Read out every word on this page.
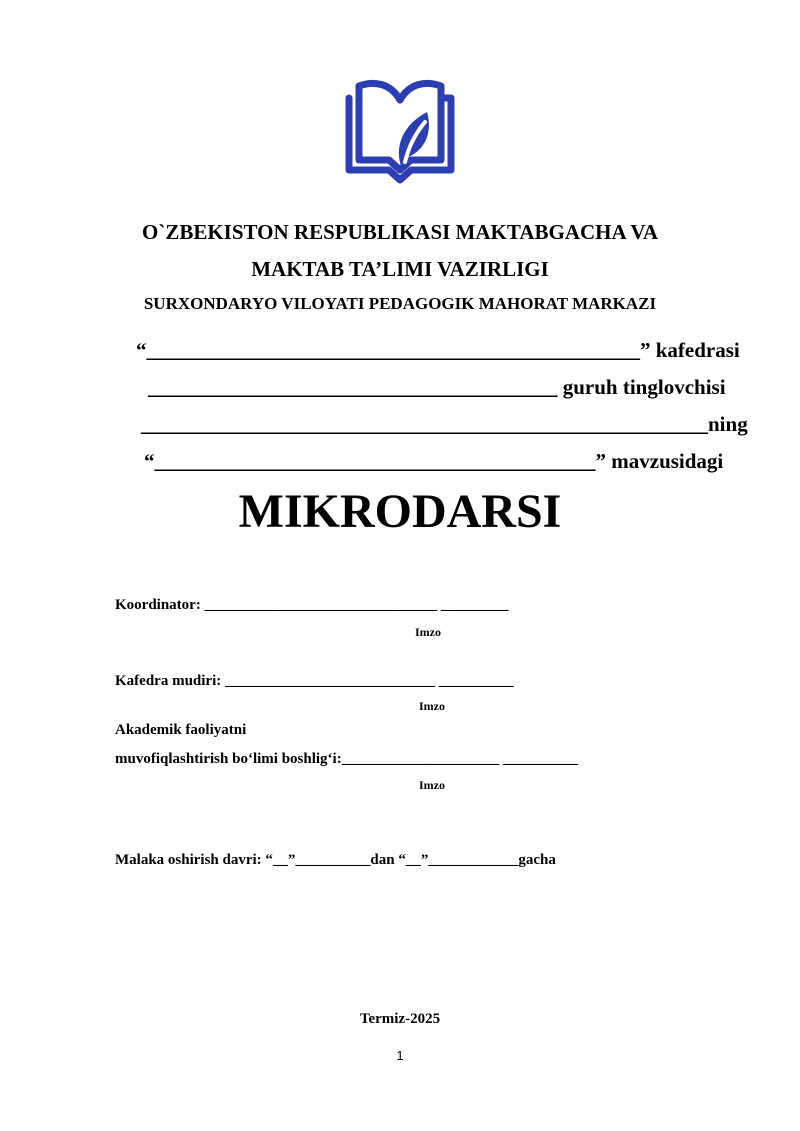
O`ZBEKISTON RESPUBLIKASI MAKTABGACHA VA
MAKTAB TA’LIMI VAZIRLIGI
SURXONDARYO VILOYATI PEDAGOGIK MAHORAT MARKAZI
“_______________________________________________” kafedrasi
_______________________________________ guruh tinglovchisi
______________________________________________________ning
“__________________________________________” mavzusidagi
MIKRODARSI
Koordinator: _______________________________ _________
Imzo
Kafedra mudiri: ____________________________ __________
Imzo
Akademik faoliyatni
muvofiqlashtirish bo‘limi boshlig‘i:_____________________ __________
Imzo
Malaka oshirish davri: “__”__________dan “__”____________gacha
Termiz-2025
1
